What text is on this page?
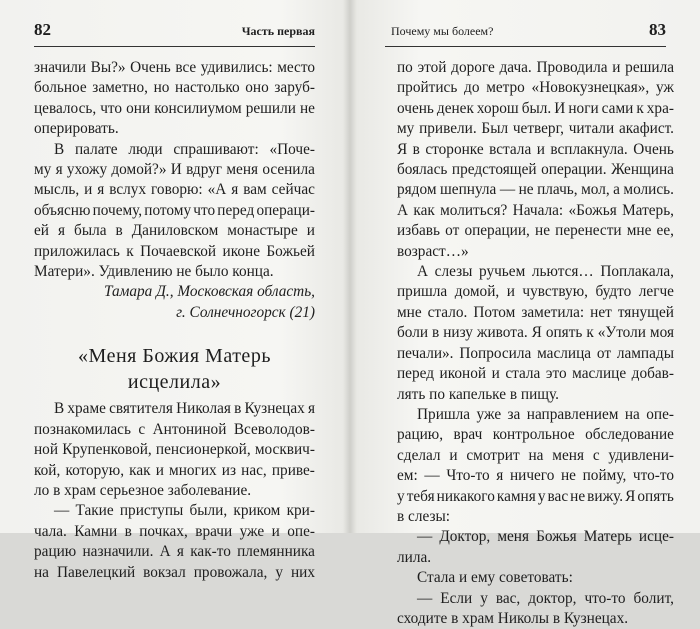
82	Часть первая
значили Вы?» Очень все удивились: место
больное заметно, но настолько оно заруб-
цевалось, что они консилиумом решили не
оперировать.
В палате люди спрашивают: «Поче-
му я ухожу домой?» И вдруг меня осенила
мысль, и я вслух говорю: «А я вам сейчас
объясню почему, потому что перед операци-
ей я была в Даниловском монастыре и
приложилась к Почаевской иконе Божьей
Матери». Удивлению не было конца.
Тамара Д., Московская область,
г. Солнечногорск (21)
«Меня Божия Матерь
исцелила»
В храме святителя Николая в Кузнецах я
познакомилась с Антониной Всеволодов-
ной Крупенковой, пенсионеркой, москвич-
кой, которую, как и многих из нас, приве-
ло в храм серьезное заболевание.
— Такие приступы были, криком кри-
чала. Камни в почках, врачи уже и опе-
рацию назначили. А я как-то племянника
на Павелецкий вокзал провожала, у них
Почему мы болеем?	83
по этой дороге дача. Проводила и решила
пройтись до метро «Новокузнецкая», уж
очень денек хорош был. И ноги сами к хра-
му привели. Был четверг, читали акафист.
Я в сторонке встала и всплакнула. Очень
боялась предстоящей операции. Женщина
рядом шепнула — не плачь, мол, а молись.
А как молиться? Начала: «Божья Матерь,
избавь от операции, не перенести мне ее,
возраст…»
А слезы ручьем льются… Поплакала,
пришла домой, и чувствую, будто легче
мне стало. Потом заметила: нет тянущей
боли в низу живота. Я опять к «Утоли моя
печали». Попросила маслица от лампады
перед иконой и стала это маслице добав-
лять по капельке в пищу.
Пришла уже за направлением на опе-
рацию, врач контрольное обследование
сделал и смотрит на меня с удивлени-
ем: — Что-то я ничего не пойму, что-то
у тебя никакого камня у вас не вижу. Я опять
в слезы:
— Доктор, меня Божья Матерь исце-
лила.
Стала и ему советовать:
— Если у вас, доктор, что-то болит,
сходите в храм Николы в Кузнецах.
